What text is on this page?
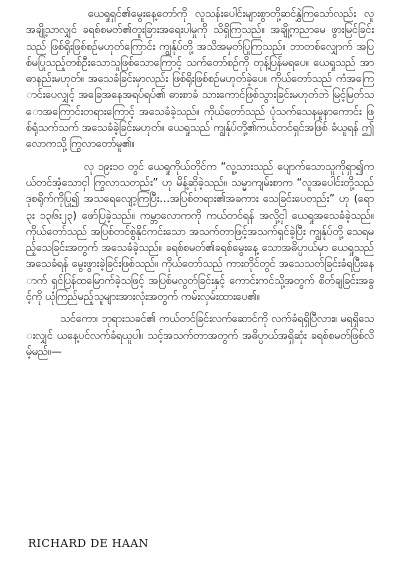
ယေရှုရှင်၏မွေးနေ့တော်ကို လူသန်းပေါင်းများစွာတို့ဆင်နွှဲကြသော်လည်း လူအချို့သာလျှင် ခရစ်စမတ်၏တူးခြားအရေးပါမှုကို သိရှိကြသည်။ အချို့ကညာမေ ဖွားမြင်ခြင်းသည် ဖြစ်ရိုးဖြစ်စဉ်မဟုတ်ကြောင်း ကျွန်ုပ်တို့ အသိအမှတ်ပြုကြသည်။ ဘာတစ်လျှောက် အပြစ်မပြုသည့်တစ်ဦးသောသူဖြစ်သောကြောင့် သက်တော်စဉ်ကို တုန့်ပြန်မရပေ။ ယေရှုသည် အာဓာနည်းမဟုတ်။ အသေခံခြင်းမှာလည်း ဖြစ်ရိုးဖြစ်စဉ်မဟုတ်ခဲ့ပေ။ ကိုယ်တော်သည် ကံအကြောင်းပေလျှင့် အခြေအနေအရပ်ရပ်၏ ဓားစာခံ သားကောင်ဖြစ်သွားခြင်းမဟုတ်ဘဲ မြင့်မြတ်သောအကြောင်းတရားကြောင့် အသေခံခဲ့သည်။ ကိုယ်တော်သည် ပုံသက်သေနမူနာကောင်း ဖြစ်ရုံသက်သက် အသေခံခဲ့ခြင်းမဟုတ်။ ယေရှုသည် ကျွန်ုပ်တို့၏ကယ်တင်ရှင်အဖြစ် ခံယူရန် ဤလောကသို့ ကြွလာတော်မူ၏။

လု ၁၉း၁၀ တွင် ယေရှုကိုယ်တိုင်က “လူ့သားသည် ပျောက်သောသူကိုရှာ၍ကယ်တင်အံ့သောငှါ ကြွလာသတည်း” ဟု မိန့်ဆိုခဲ့သည်။ သမ္မာကျမ်းစာက “လူအပေါင်းတို့သည် ဒုစရိုက်ကိုပြု၍ အသရေလျော့ကြပြီး…အပြစ်တရား၏အခကား သေခြင်းပေတည်း” ဟု (ရော ၃း ၁၃၊၆း၂၃) ဖော်ပြခဲ့သည်။ ကမ္ဘာလောကကို ကယ်တင်ရန် အလို့ငှါ ယေရှုအသေခံခဲ့သည်။ ကိုယ်တော်သည် အပြစ်တင်စွဲနိုင်ကင်းသော အသက်တာဖြင့်အသက်ရှင်ခဲ့ပြီး ကျွန်ုပ်တို့ သေရမည့်သေခြင်းအတွက် အသေခံခဲ့သည်။ ခရစ်စမတ်၏ခရစ်မွေးနေ့ သောအဓိပ္ပာယ်မှာ ယေရှုသည် အသေခံရန် မွေးဖွားခဲ့ခြင်းဖြစ်သည်။ ကိုယ်တော်သည် ကားတိုင်တွင် အသေသတ်ခြင်းခံရပြီးနောက် ရှင်ပြန်ထမြောက်ခဲ့သဖြင့် အပြစ်မလွတ်ခြင်းနှင့် ကောင်းကင်သို့အတွက် စိတ်ချခြင်းအခွင့်ကို ယုံကြည်မည့်သူများအားလုံးအတွက် ကမ်းလှမ်းထားပေ၏။

သင်ကော၊ ဘုရားသခင်၏ ကယ်တင်ခြင်းလက်ဆောင်ကို လက်ခံရရှိပြီလား။ မရရှိသေးလျှင် ယနေ့ပင်လက်ခံရယူပါ။ သင့်အသက်တာအတွက် အဓိပ္ပာယ်အရှိဆုံး ခရစ်စမတ်ဖြစ်လိမ့်မည်။—

RICHARD DE HAAN
